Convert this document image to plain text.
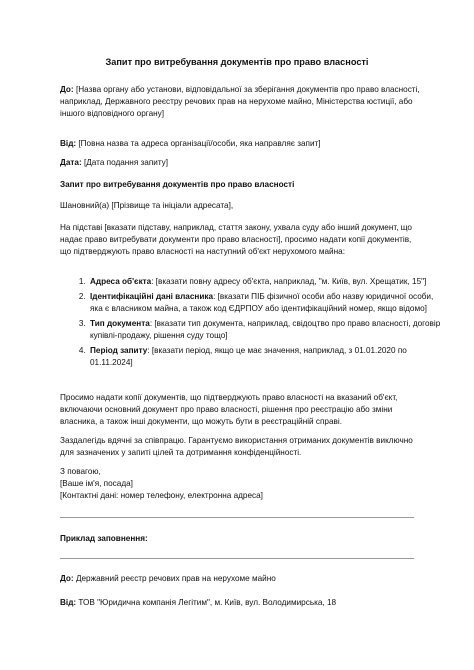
Запит про витребування документів про право власності

До: [Назва органу або установи, відповідальної за зберігання документів про право власності, наприклад, Державного реєстру речових прав на нерухоме майно, Міністерства юстиції, або іншого відповідного органу]

Від: [Повна назва та адреса організації/особи, яка направляє запит]

Дата: [Дата подання запиту]

Запит про витребування документів про право власності

Шановний(а) [Прізвище та ініціали адресата],

На підставі [вказати підставу, наприклад, стаття закону, ухвала суду або інший документ, що надає право витребувати документи про право власності], просимо надати копії документів, що підтверджують право власності на наступний об'єкт нерухомого майна:

1. Адреса об'єкта: [вказати повну адресу об'єкта, наприклад, "м. Київ, вул. Хрещатик, 15"]
2. Ідентифікаційні дані власника: [вказати ПІБ фізичної особи або назву юридичної особи, яка є власником майна, а також код ЄДРПОУ або ідентифікаційний номер, якщо відомо]
3. Тип документа: [вказати тип документа, наприклад, свідоцтво про право власності, договір купівлі-продажу, рішення суду тощо]
4. Період запиту: [вказати період, якщо це має значення, наприклад, з 01.01.2020 по 01.11.2024]

Просимо надати копії документів, що підтверджують право власності на вказаний об'єкт, включаючи основний документ про право власності, рішення про реєстрацію або зміни власника, а також інші документи, що можуть бути в реєстраційній справі.

Заздалегідь вдячні за співпрацю. Гарантуємо використання отриманих документів виключно для зазначених у запиті цілей та дотримання конфіденційності.

З повагою,
[Ваше ім'я, посада]
[Контактні дані: номер телефону, електронна адреса]

Приклад заповнення:

До: Державний реєстр речових прав на нерухоме майно

Від: ТОВ "Юридична компанія Легітим", м. Київ, вул. Володимирська, 18
